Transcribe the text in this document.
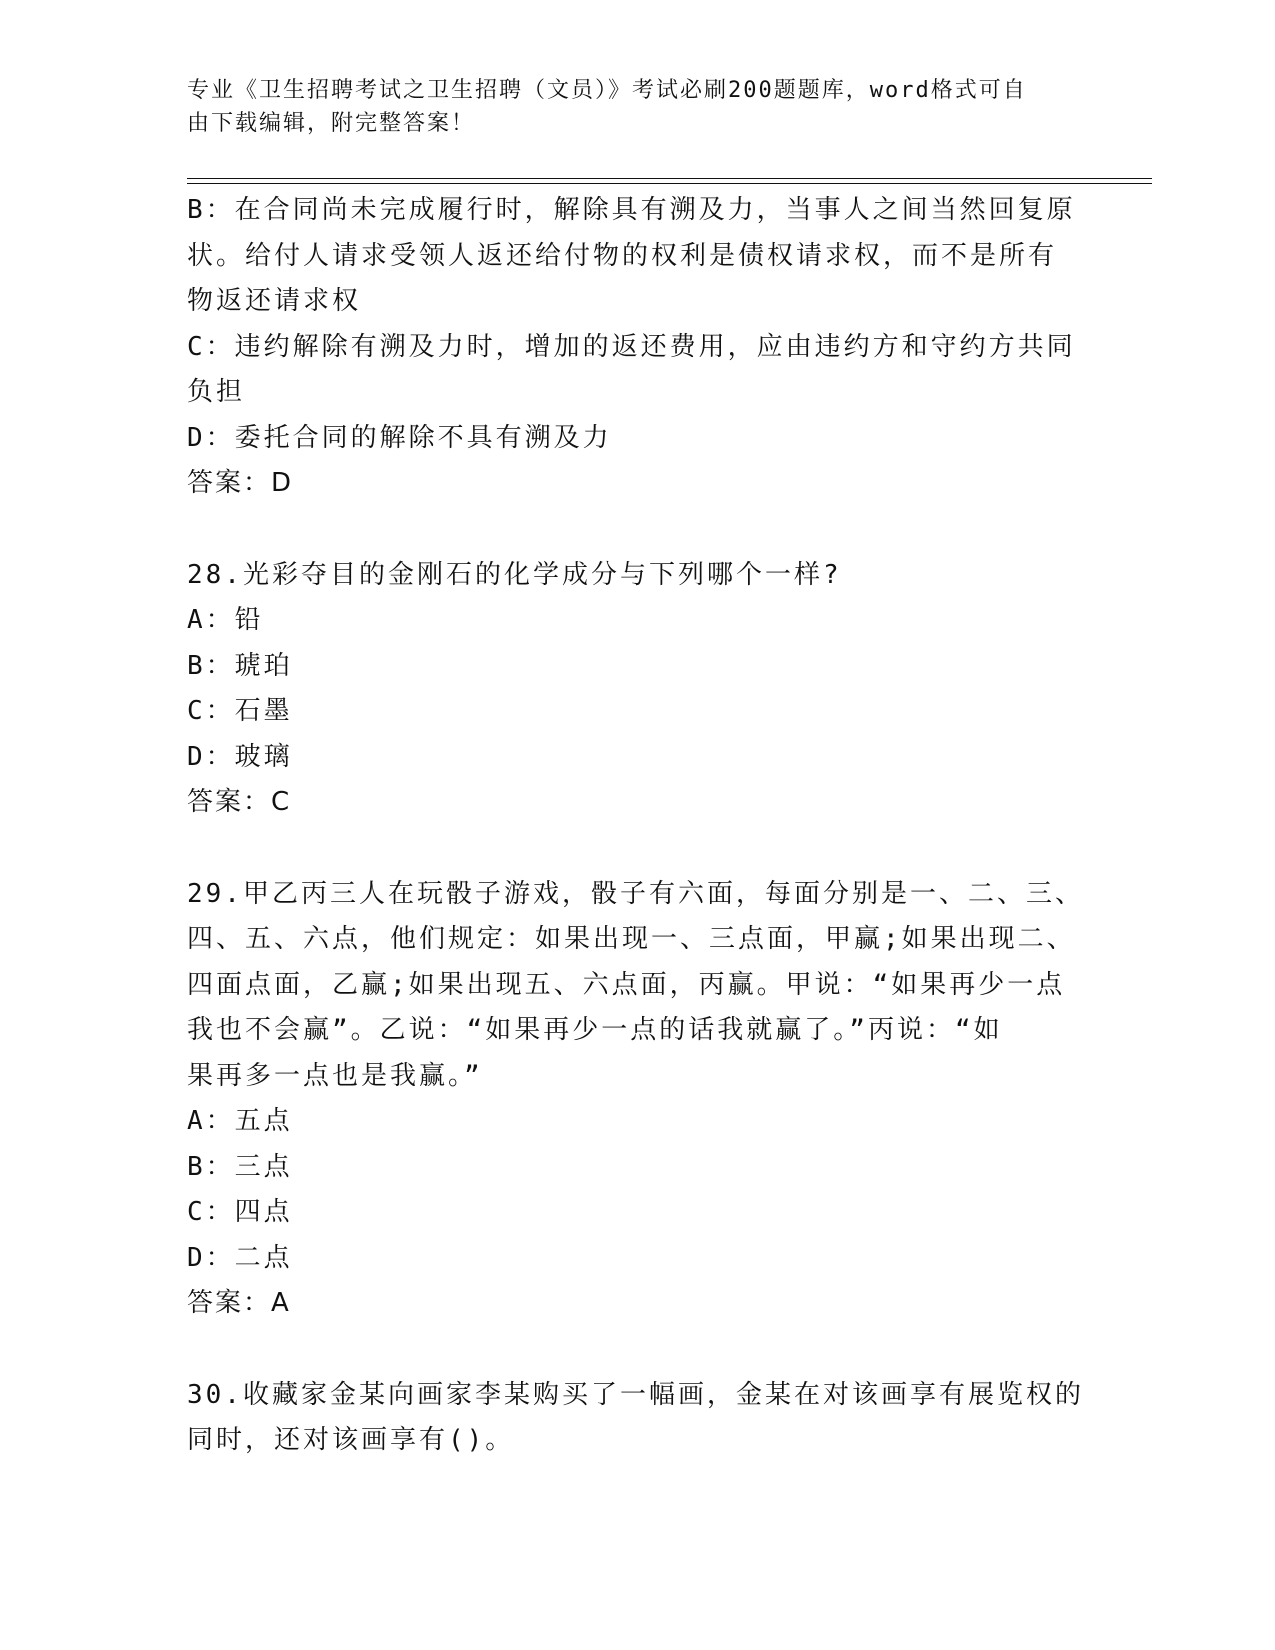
专业《卫生招聘考试之卫生招聘（文员）》考试必刷200题题库，word格式可自
由下载编辑，附完整答案！
B：在合同尚未完成履行时，解除具有溯及力，当事人之间当然回复原
状。给付人请求受领人返还给付物的权利是债权请求权，而不是所有
物返还请求权
C：违约解除有溯及力时，增加的返还费用，应由违约方和守约方共同
负担
D：委托合同的解除不具有溯及力
答案：D
28.光彩夺目的金刚石的化学成分与下列哪个一样?
A：铅
B：琥珀
C：石墨
D：玻璃
答案：C
29.甲乙丙三人在玩骰子游戏，骰子有六面，每面分别是一、二、三、
四、五、六点，他们规定：如果出现一、三点面，甲赢;如果出现二、
四面点面，乙赢;如果出现五、六点面，丙赢。甲说：“如果再少一点
我也不会赢”。乙说：“如果再少一点的话我就赢了。”丙说：“如
果再多一点也是我赢。”
A：五点
B：三点
C：四点
D：二点
答案：A
30.收藏家金某向画家李某购买了一幅画，金某在对该画享有展览权的
同时，还对该画享有()。
